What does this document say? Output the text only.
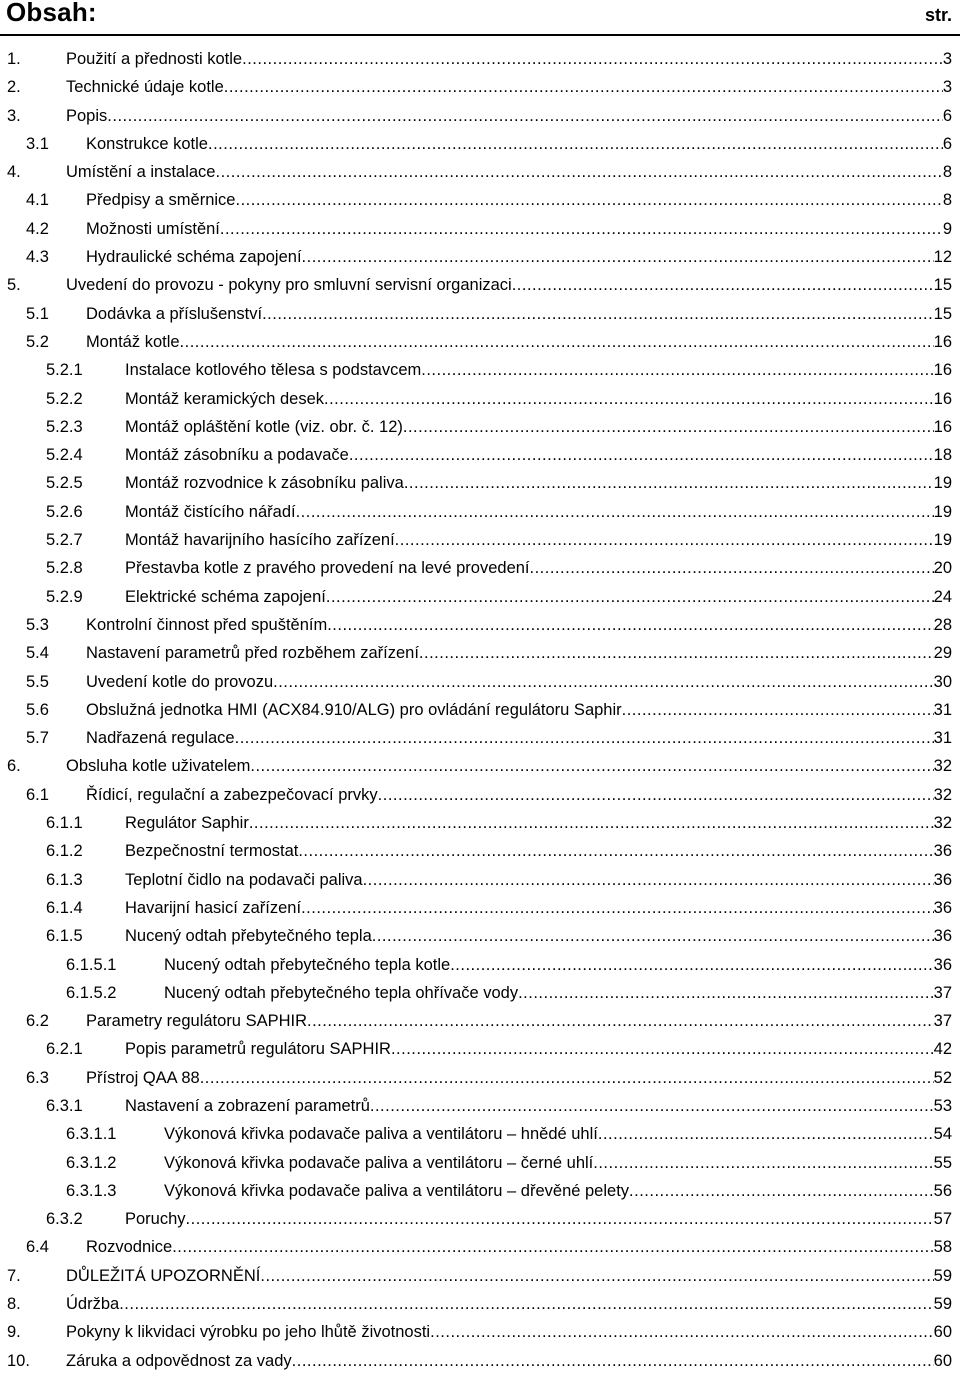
Obsah:	str.
1.	Použití a přednosti kotle .....	3
2.	Technické údaje kotle .....	3
3.	Popis .....	6
3.1 Konstrukce kotle .....	6
4.	Umístění a instalace .....	8
4.1 Předpisy a směrnice .....	8
4.2 Možnosti umístění .....	9
4.3 Hydraulické schéma zapojení .....	12
5.	Uvedení do provozu - pokyny pro smluvní servisní organizaci .....	15
5.1 Dodávka a příslušenství .....	15
5.2 Montáž kotle .....	16
5.2.1	Instalace kotlového tělesa s podstavcem .....	16
5.2.2	Montáž keramických desek .....	16
5.2.3	Montáž opláštění kotle (viz. obr. č. 12) .....	16
5.2.4	Montáž zásobníku a podavače .....	18
5.2.5	Montáž rozvodnice k zásobníku paliva .....	19
5.2.6	Montáž čistícího nářadí .....	19
5.2.7	Montáž havarijního hasícího zařízení .....	19
5.2.8	Přestavba kotle z pravého provedení na levé provedení .....	20
5.2.9	Elektrické schéma zapojení .....	24
5.3 Kontrolní činnost před spuštěním .....	28
5.4 Nastavení parametrů před rozběhem zařízení .....	29
5.5 Uvedení kotle do provozu .....	30
5.6 Obslužná jednotka HMI (ACX84.910/ALG) pro ovládání regulátoru Saphir .....	31
5.7 Nadřazená regulace .....	31
6.	Obsluha kotle uživatelem .....	32
6.1 Řídicí, regulační a zabezpečovací prvky .....	32
6.1.1	Regulátor Saphir .....	32
6.1.2	Bezpečnostní termostat .....	36
6.1.3	Teplotní čidlo na podavači paliva .....	36
6.1.4	Havarijní hasicí zařízení .....	36
6.1.5	Nucený odtah přebytečného tepla .....	36
6.1.5.1	Nucený odtah přebytečného tepla kotle .....	36
6.1.5.2	Nucený odtah přebytečného tepla ohřívače vody .....	37
6.2 Parametry regulátoru SAPHIR .....	37
6.2.1	Popis parametrů regulátoru SAPHIR .....	42
6.3 Přístroj QAA 88 .....	52
6.3.1	Nastavení a zobrazení parametrů .....	53
6.3.1.1	Výkonová křivka podavače paliva a ventilátoru – hnědé uhlí .....	54
6.3.1.2	Výkonová křivka podavače paliva a ventilátoru – černé uhlí .....	55
6.3.1.3	Výkonová křivka podavače paliva a ventilátoru – dřevěné pelety .....	56
6.3.2	Poruchy .....	57
6.4 Rozvodnice .....	58
7.	DŮLEŽITÁ UPOZORNĚNÍ .....	59
8.	Údržba .....	59
9.	Pokyny k likvidaci výrobku po jeho lhůtě životnosti .....	60
10. Záruka a odpovědnost za vady .....	60
